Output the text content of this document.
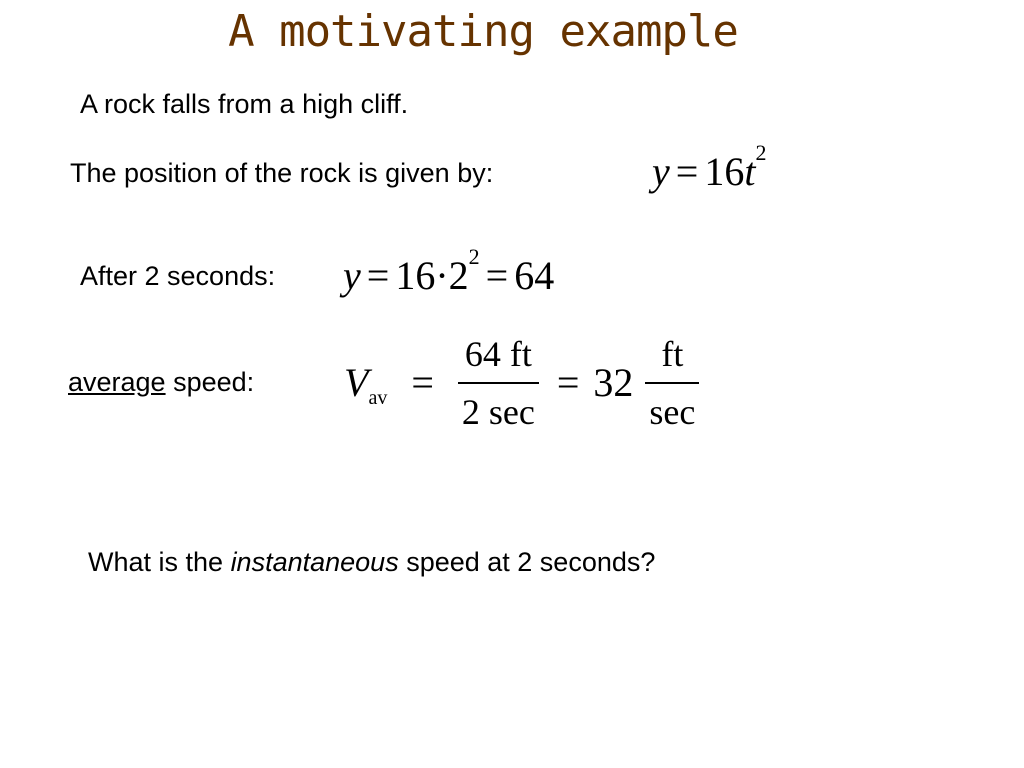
A motivating example
A rock falls from a high cliff.
The position of the rock is given by:	$y = 16t^2$
After 2 seconds: $y = 16\cdot 2^2 = 64$
average speed: $V_{av} = \frac{64 ft}{2 \sec} = 32 \frac{ft}{\sec}$
What is the instantaneous speed at 2 seconds?
